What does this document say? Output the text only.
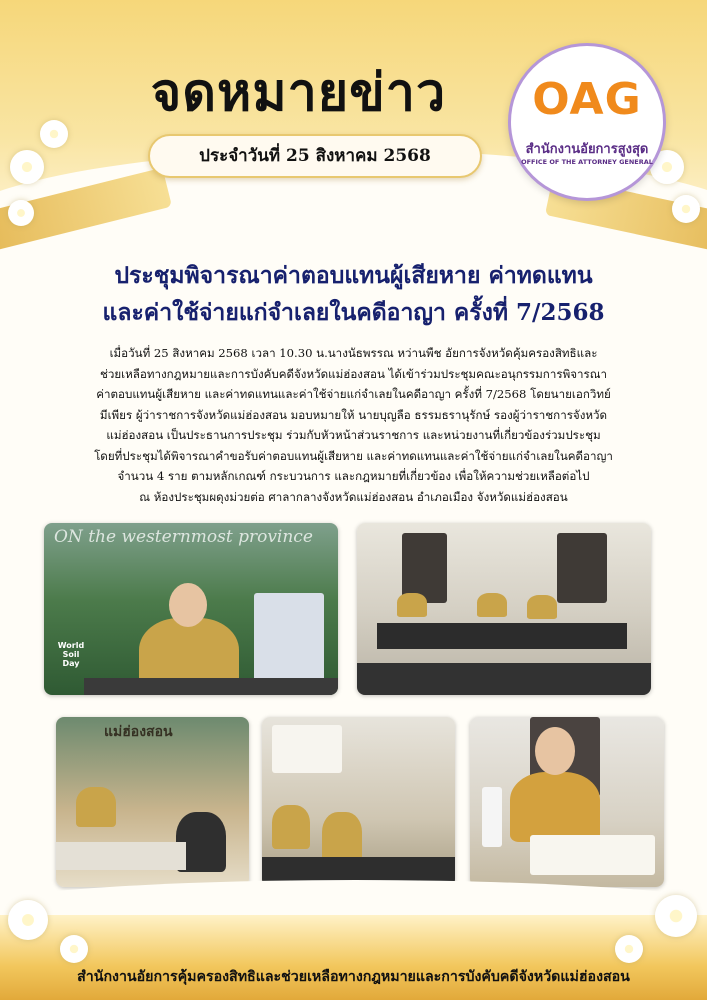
จดหมายข่าว
ประจำวันที่ 25 สิงหาคม 2568
OAG
สำนักงานอัยการสูงสุด
OFFICE OF THE ATTORNEY GENERAL
ประชุมพิจารณาค่าตอบแทนผู้เสียหาย ค่าทดแทน
และค่าใช้จ่ายแก่จำเลยในคดีอาญา ครั้งที่ 7/2568
เมื่อวันที่ 25 สิงหาคม 2568 เวลา 10.30 น.นางนัธพรรณ หว่านพืช อัยการจังหวัดคุ้มครองสิทธิและ
ช่วยเหลือทางกฎหมายและการบังคับคดีจังหวัดแม่ฮ่องสอน ได้เข้าร่วมประชุมคณะอนุกรรมการพิจารณา
ค่าตอบแทนผู้เสียหาย และค่าทดแทนและค่าใช้จ่ายแก่จำเลยในคดีอาญา ครั้งที่ 7/2568 โดยนายเอกวิทย์
มีเพียร ผู้ว่าราชการจังหวัดแม่ฮ่องสอน มอบหมายให้ นายบุญลือ ธรรมธรานุรักษ์ รองผู้ว่าราชการจังหวัด
แม่ฮ่องสอน เป็นประธานการประชุม ร่วมกับหัวหน้าส่วนราชการ และหน่วยงานที่เกี่ยวข้องร่วมประชุม
โดยที่ประชุมได้พิจารณาคำขอรับค่าตอบแทนผู้เสียหาย และค่าทดแทนและค่าใช้จ่ายแก่จำเลยในคดีอาญา
จำนวน 4 ราย ตามหลักเกณฑ์ กระบวนการ และกฎหมายที่เกี่ยวข้อง เพื่อให้ความช่วยเหลือต่อไป
ณ ห้องประชุมผดุงม่วยต่อ ศาลากลางจังหวัดแม่ฮ่องสอน อำเภอเมือง จังหวัดแม่ฮ่องสอน
ON the westernmost province
World Soil Day
แม่ฮ่องสอน
สำนักงานอัยการคุ้มครองสิทธิและช่วยเหลือทางกฎหมายและการบังคับคดีจังหวัดแม่ฮ่องสอน
